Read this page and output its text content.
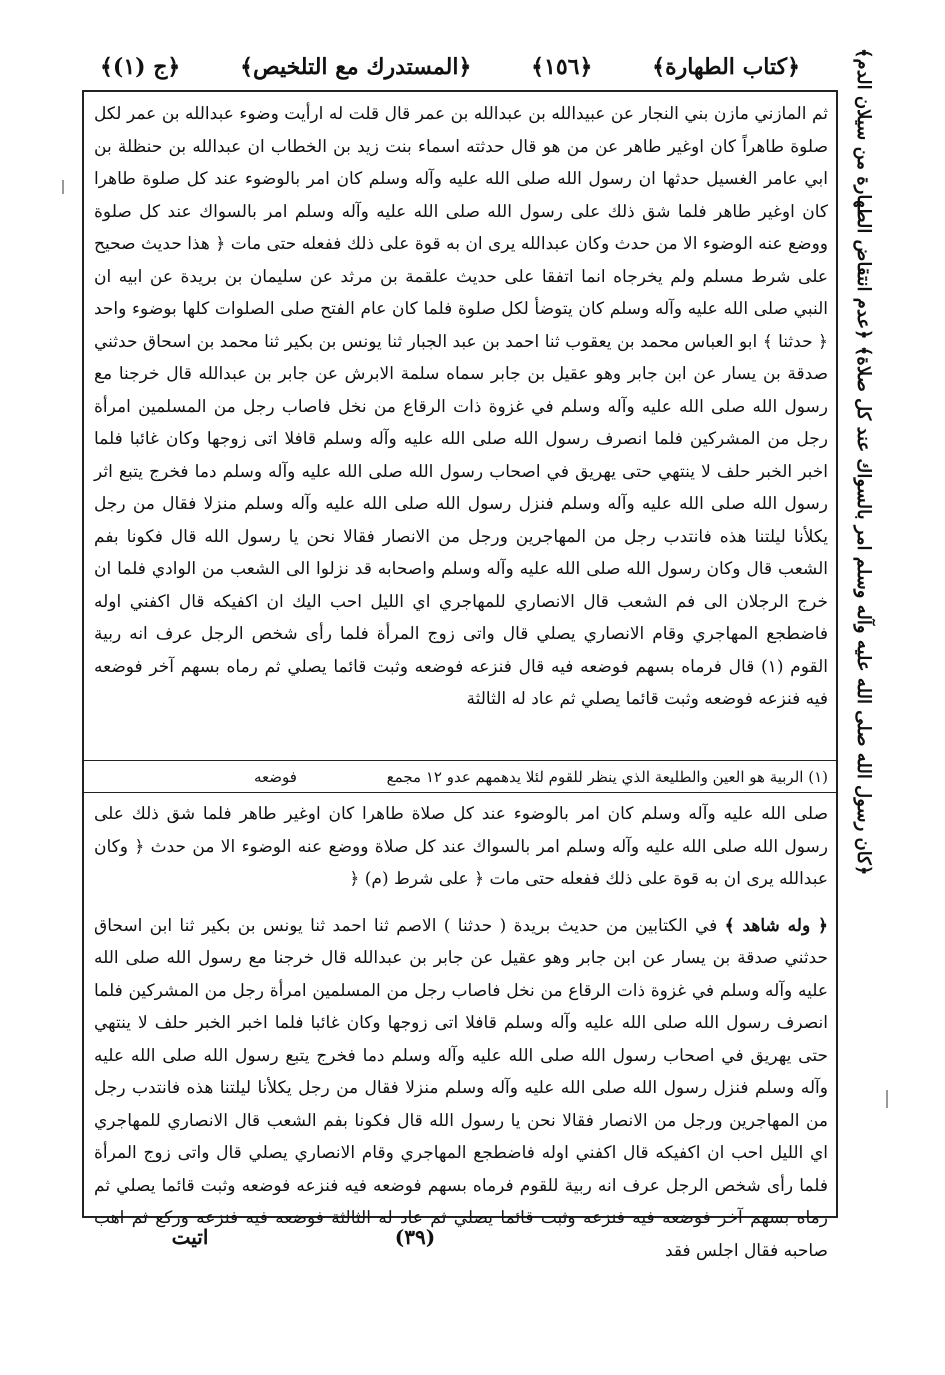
﴿ج (١)﴾	﴿المستدرك مع التلخيص﴾	﴿١٥٦﴾	﴿كتاب الطهارة﴾

ثم المازني مازن بني النجار عن عبيدالله بن عبدالله بن عمر قال قلت له ارأيت وضوء عبدالله بن عمر لكل صلوة طاهراً كان اوغير طاهر عن من هو قال حدثته اسماء بنت زيد بن الخطاب ان عبدالله بن حنظلة بن ابي عامر الغسيل حدثها ان رسول الله صلى الله عليه وآله وسلم كان امر بالوضوء عند كل صلوة طاهرا كان اوغير طاهر فلما شق ذلك على رسول الله صلى الله عليه وآله وسلم امر بالسواك عند كل صلوة ووضع عنه الوضوء الا من حدث وكان عبدالله يرى ان به قوة على ذلك ففعله حتى مات ﴿ هذا حديث صحيح على شرط مسلم ولم يخرجاه انما اتفقا على حديث علقمة بن مرثد عن سليمان بن بريدة عن ابيه ان النبي صلى الله عليه وآله وسلم كان يتوضأ لكل صلوة فلما كان عام الفتح صلى الصلوات كلها بوضوء واحد ﴿ حدثنا ﴾ ابو العباس محمد بن يعقوب ثنا احمد بن عبد الجبار ثنا يونس بن بكير ثنا محمد بن اسحاق حدثني صدقة بن يسار عن ابن جابر وهو عقيل بن جابر سماه سلمة الابرش عن جابر بن عبدالله قال خرجنا مع رسول الله صلى الله عليه وآله وسلم في غزوة ذات الرقاع من نخل فاصاب رجل من المسلمين امرأة رجل من المشركين فلما انصرف رسول الله صلى الله عليه وآله وسلم قافلا اتى زوجها وكان غائبا فلما اخبر الخبر حلف لا ينتهي حتى يهريق في اصحاب رسول الله صلى الله عليه وآله وسلم دما فخرج يتبع اثر رسول الله صلى الله عليه وآله وسلم فنزل رسول الله صلى الله عليه وآله وسلم منزلا فقال من رجل يكلأنا ليلتنا هذه فانتدب رجل من المهاجرين ورجل من الانصار فقالا نحن يا رسول الله قال فكونا بفم الشعب قال وكان رسول الله صلى الله عليه وآله وسلم واصحابه قد نزلوا الى الشعب من الوادي فلما ان خرج الرجلان الى فم الشعب قال الانصاري للمهاجري اي الليل احب اليك ان اكفيكه قال اكفني اوله فاضطجع المهاجري وقام الانصاري يصلي قال واتى زوج المرأة فلما رأى شخص الرجل عرف انه ربية القوم (١) قال فرماه بسهم فوضعه فيه قال فنزعه فوضعه وثبت قائما يصلي ثم رماه بسهم آخر فوضعه فيه فنزعه فوضعه وثبت قائما يصلي ثم عاد له الثالثة

(١) الربية هو العين والطليعة الذي ينظر للقوم لئلا يدهمهم عدو ١٢ مجمع
فوضعه

صلى الله عليه وآله وسلم كان امر بالوضوء عند كل صلاة طاهرا كان اوغير طاهر فلما شق ذلك على رسول الله صلى الله عليه وآله وسلم امر بالسواك عند كل صلاة ووضع عنه الوضوء الا من حدث ﴿ وكان عبدالله يرى ان به قوة على ذلك ففعله حتى مات ﴿ على شرط (م) ﴿

﴿ وله شاهد ﴾ في الكتابين من حديث بريدة ( حدثنا ) الاصم ثنا احمد ثنا يونس بن بكير ثنا ابن اسحاق حدثني صدقة بن يسار عن ابن جابر وهو عقيل عن جابر بن عبدالله قال خرجنا مع رسول الله صلى الله عليه وآله وسلم في غزوة ذات الرقاع من نخل فاصاب رجل من المسلمين امرأة رجل من المشركين فلما انصرف رسول الله صلى الله عليه وآله وسلم قافلا اتى زوجها وكان غائبا فلما اخبر الخبر حلف لا ينتهي حتى يهريق في اصحاب رسول الله صلى الله عليه وآله وسلم دما فخرج يتبع رسول الله صلى الله عليه وآله وسلم فنزل رسول الله صلى الله عليه وآله وسلم منزلا فقال من رجل يكلأنا ليلتنا هذه فانتدب رجل من المهاجرين ورجل من الانصار فقالا نحن يا رسول الله قال فكونا بفم الشعب قال الانصاري للمهاجري اي الليل احب ان اكفيكه قال اكفني اوله فاضطجع المهاجري وقام الانصاري يصلي قال واتى زوج المرأة فلما رأى شخص الرجل عرف انه ربية للقوم فرماه بسهم فوضعه فيه فنزعه فوضعه وثبت قائما يصلي ثم رماه بسهم آخر فوضعه فيه فنزعه وثبت قائما يصلي ثم عاد له الثالثة فوضعه فيه فنزعه وركع ثم اهب صاحبه فقال اجلس فقد

﴿كان رسول الله صلى الله عليه وآله وسلم امر بالسواك عند كل صلاة﴾ ﴿عدم انتقاض الطهارة من سيلان الدم﴾
(٣٩)
اتيت
